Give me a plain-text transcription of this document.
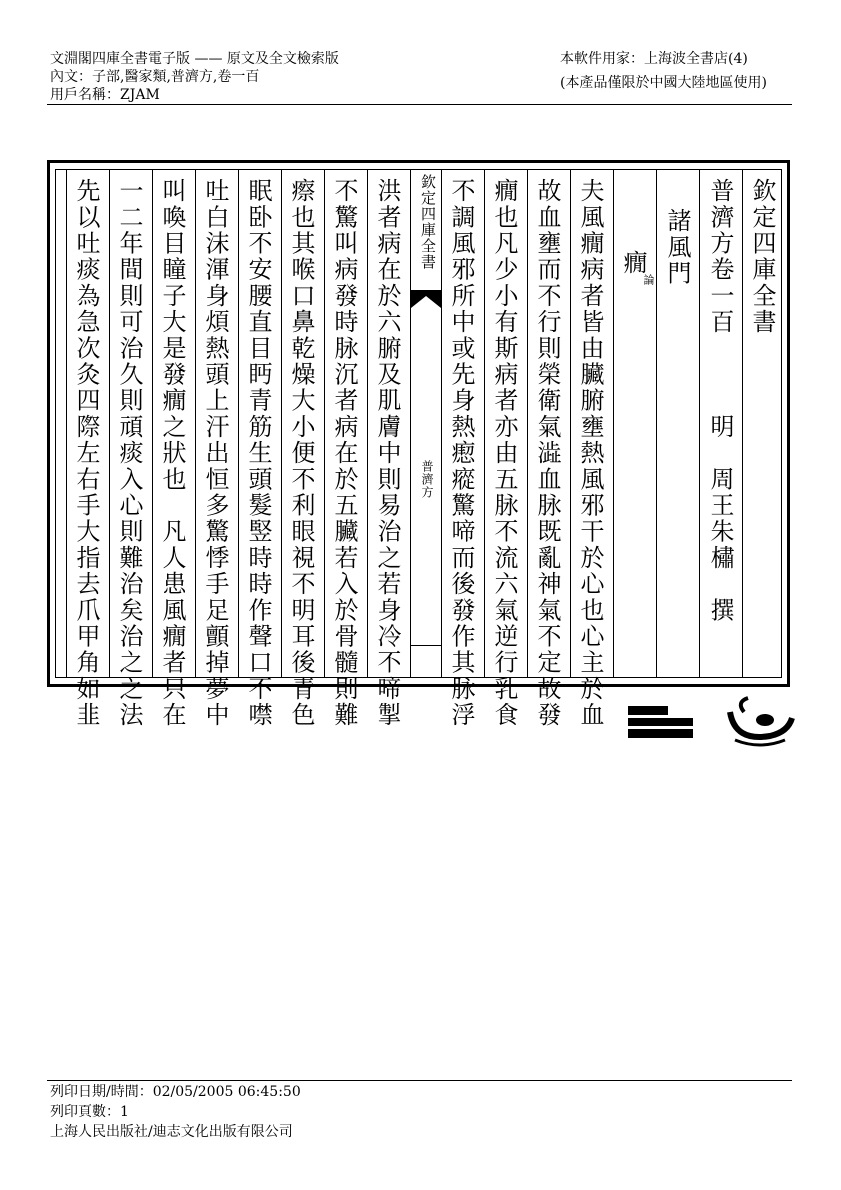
文淵閣四庫全書電子版 —— 原文及全文檢索版
內文：子部,醫家類,普濟方,卷一百
用戶名稱：ZJAM
本軟件用家：上海波全書店(4)
(本產品僅限於中國大陸地區使用)
欽定四庫全書
普濟方卷一百　　　明　周王朱橚　撰
諸風門
癇
論
夫風癇病者皆由臟腑壅熱風邪干於心也心主於血
故血壅而不行則榮衛氣澁血脉既亂神氣不定故發
癇也凡少小有斯病者亦由五脉不流六氣逆行乳食
不調風邪所中或先身熱瘛瘲驚啼而後發作其脉浮
欽定四庫全書
普濟方
洪者病在於六腑及肌膚中則易治之若身冷不啼掣
不驚叫病發時脉沉者病在於五臟若入於骨髓則難
瘵也其喉口鼻乾燥大小便不利眼視不明耳後青色
眠卧不安腰直目眄青筋生頭髮竪時時作聲口不噤
吐白沫渾身煩熱頭上汗出恒多驚悸手足顫掉夢中
叫喚目瞳子大是發癇之狀也　凡人患風癇者只在
一二年間則可治久則頑痰入心則難治矣治之之法
先以吐痰為急次灸四際左右手大指去爪甲角如韭
列印日期/時間：02/05/2005 06:45:50
列印頁數：1
上海人民出版社/迪志文化出版有限公司
